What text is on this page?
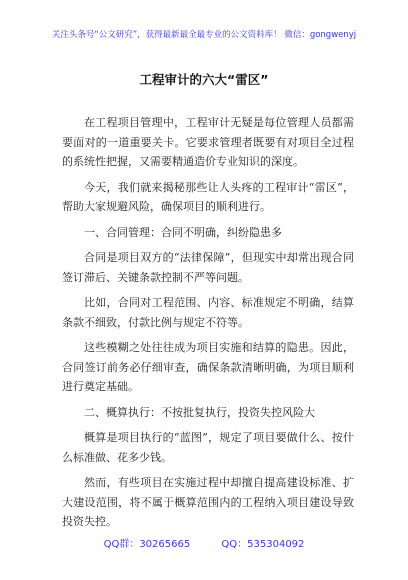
关注头条号“公文研究”，获得最新最全最专业的公文资料库！ 微信：gongwenyj
工程审计的六大“雷区”

在工程项目管理中，工程审计无疑是每位管理人员都需要面对的一道重要关卡。它要求管理者既要有对项目全过程的系统性把握，又需要精通造价专业知识的深度。

今天，我们就来揭秘那些让人头疼的工程审计“雷区”，帮助大家规避风险，确保项目的顺利进行。

一、合同管理：合同不明确，纠纷隐患多

合同是项目双方的“法律保障”，但现实中却常出现合同签订滞后、关键条款控制不严等问题。

比如，合同对工程范围、内容、标准规定不明确，结算条款不细致，付款比例与规定不符等。

这些模糊之处往往成为项目实施和结算的隐患。因此，合同签订前务必仔细审查，确保条款清晰明确，为项目顺利进行奠定基础。

二、概算执行：不按批复执行，投资失控风险大

概算是项目执行的“蓝图”，规定了项目要做什么、按什么标准做、花多少钱。

然而，有些项目在实施过程中却擅自提高建设标准、扩大建设范围，将不属于概算范围内的工程纳入项目建设导致投资失控。

QQ群：30265665	QQ：535304092
